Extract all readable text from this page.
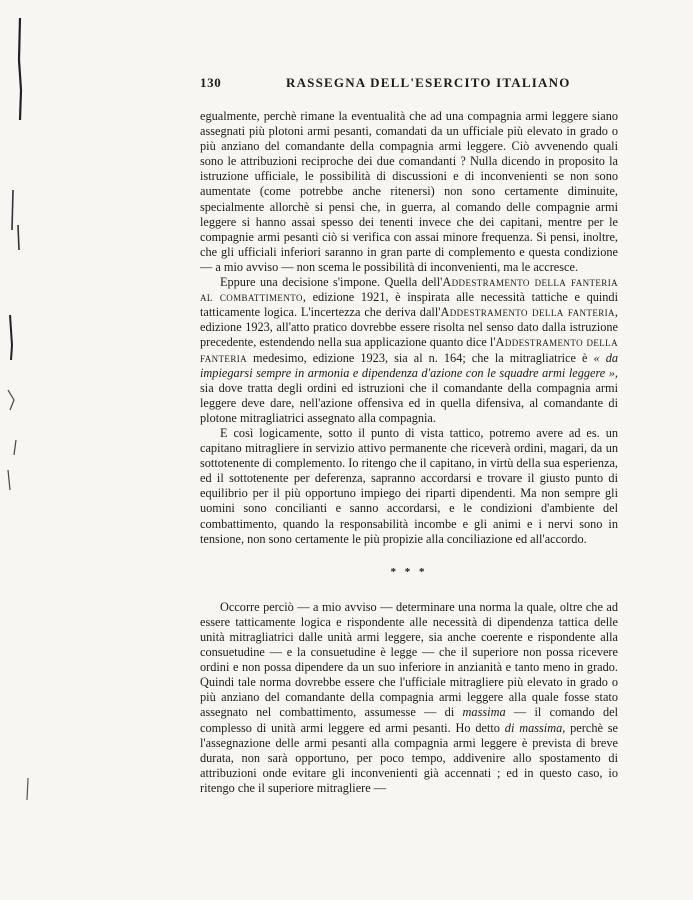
130	RASSEGNA DELL'ESERCITO ITALIANO

egualmente, perchè rimane la eventualità che ad una compagnia armi leggere siano assegnati più plotoni armi pesanti, comandati da un ufficiale più elevato in grado o più anziano del comandante della compagnia armi leggere. Ciò avvenendo quali sono le attribuzioni reciproche dei due comandanti ? Nulla dicendo in proposito la istruzione ufficiale, le possibilità di discussioni e di inconvenienti se non sono aumentate (come potrebbe anche ritenersi) non sono certamente diminuite, specialmente allorchè si pensi che, in guerra, al comando delle compagnie armi leggere si hanno assai spesso dei tenenti invece che dei capitani, mentre per le compagnie armi pesanti ciò si verifica con assai minore frequenza. Si pensi, inoltre, che gli ufficiali inferiori saranno in gran parte di complemento e questa condizione — a mio avviso — non scema le possibilità di inconvenienti, ma le accresce.

Eppure una decisione s'impone. Quella dell'Addestramento della fanteria al combattimento, edizione 1921, è inspirata alle necessità tattiche e quindi tatticamente logica. L'incertezza che deriva dall'Addestramento della fanteria, edizione 1923, all'atto pratico dovrebbe essere risolta nel senso dato dalla istruzione precedente, estendendo nella sua applicazione quanto dice l'Addestramento della fanteria medesimo, edizione 1923, sia al n. 164; che la mitragliatrice è « da impiegarsi sempre in armonia e dipendenza d'azione con le squadre armi leggere », sia dove tratta degli ordini ed istruzioni che il comandante della compagnia armi leggere deve dare, nell'azione offensiva ed in quella difensiva, al comandante di plotone mitragliatrici assegnato alla compagnia.

E così logicamente, sotto il punto di vista tattico, potremo avere ad es. un capitano mitragliere in servizio attivo permanente che riceverà ordini, magari, da un sottotenente di complemento. Io ritengo che il capitano, in virtù della sua esperienza, ed il sottotenente per deferenza, sapranno accordarsi e trovare il giusto punto di equilibrio per il più opportuno impiego dei riparti dipendenti. Ma non sempre gli uomini sono concilianti e sanno accordarsi, e le condizioni d'ambiente del combattimento, quando la responsabilità incombe e gli animi e i nervi sono in tensione, non sono certamente le più propizie alla conciliazione ed all'accordo.

* * *

Occorre perciò — a mio avviso — determinare una norma la quale, oltre che ad essere tatticamente logica e rispondente alle necessità di dipendenza tattica delle unità mitragliatrici dalle unità armi leggere, sia anche coerente e rispondente alla consuetudine — e la consuetudine è legge — che il superiore non possa ricevere ordini e non possa dipendere da un suo inferiore in anzianità e tanto meno in grado. Quindi tale norma dovrebbe essere che l'ufficiale mitragliere più elevato in grado o più anziano del comandante della compagnia armi leggere alla quale fosse stato assegnato nel combattimento, assumesse — di massima — il comando del complesso di unità armi leggere ed armi pesanti. Ho detto di massima, perchè se l'assegnazione delle armi pesanti alla compagnia armi leggere è prevista di breve durata, non sarà opportuno, per poco tempo, addivenire allo spostamento di attribuzioni onde evitare gli inconvenienti già accennati ; ed in questo caso, io ritengo che il superiore mitragliere —
